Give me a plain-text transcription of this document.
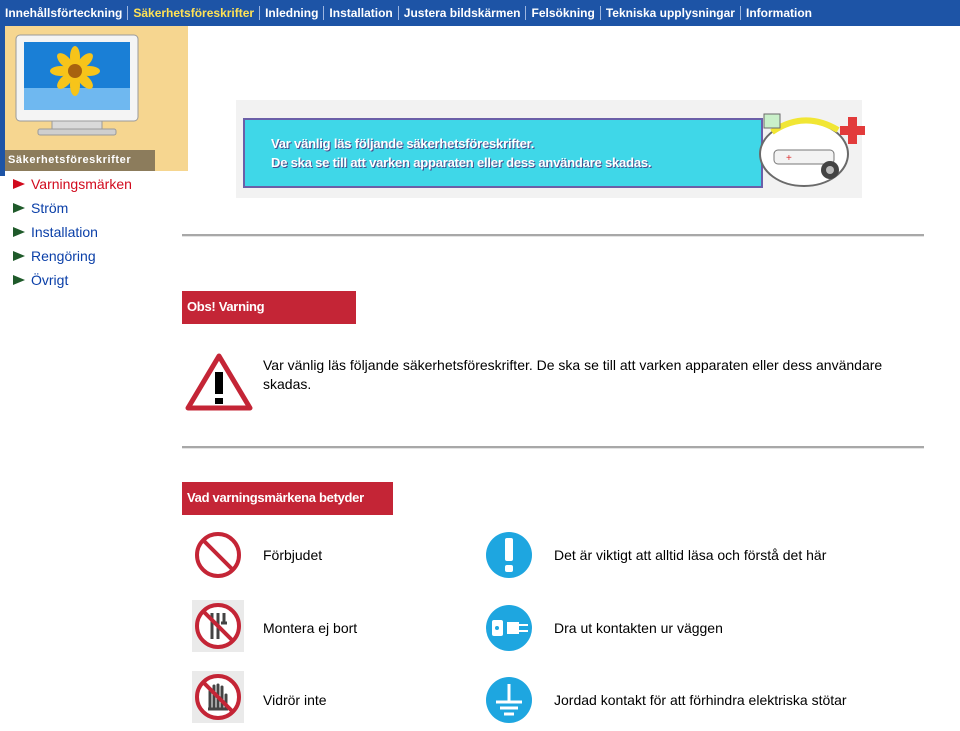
Innehållsförteckning Säkerhetsföreskrifter Inledning Installation Justera bildskärmen Felsökning Tekniska upplysningar Information
Säkerhetsföreskrifter
Varningsmärken
Ström
Installation
Rengöring
Övrigt
Var vänlig läs följande säkerhetsföreskrifter.
De ska se till att varken apparaten eller dess användare skadas.	+
Obs! Varning
Var vänlig läs följande säkerhetsföreskrifter. De ska se till att varken apparaten eller dess användare skadas.
Vad varningsmärkena betyder
Förbjudet	Det är viktigt att alltid läsa och förstå det här
Montera ej bort	Dra ut kontakten ur väggen
Vidrör inte	Jordad kontakt för att förhindra elektriska stötar
